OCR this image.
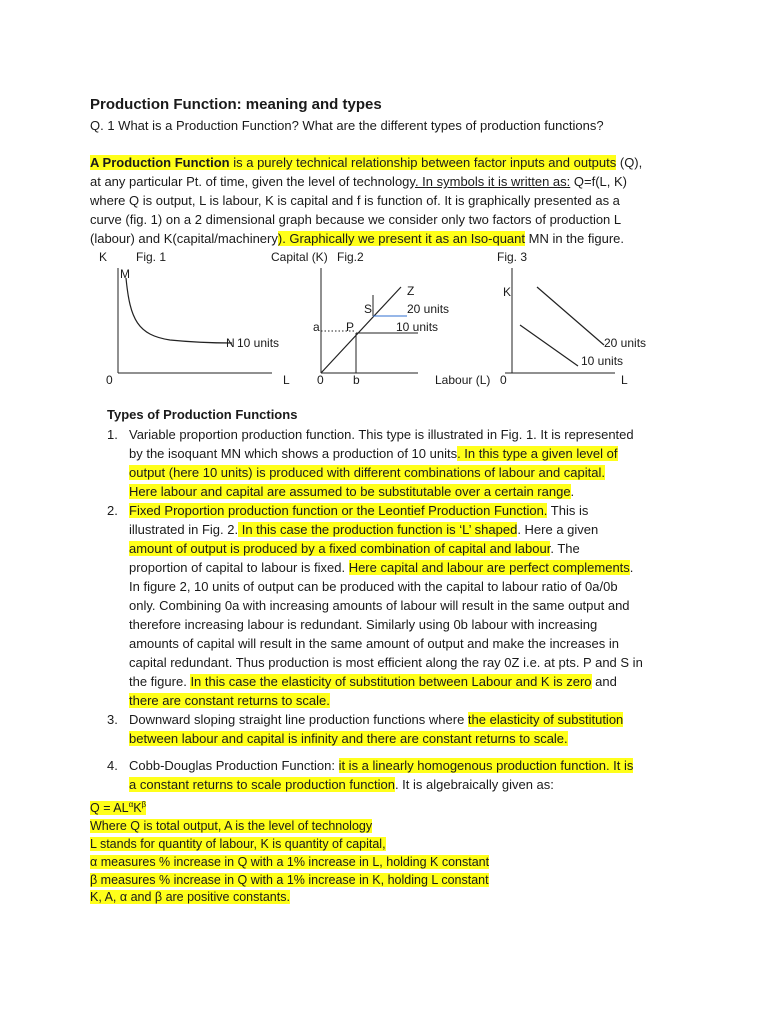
Production Function: meaning and types
Q. 1 What is a Production Function? What are the different types of production functions?
A Production Function is a purely technical relationship between factor inputs and outputs (Q),
at any particular Pt. of time, given the level of technology. In symbols it is written as: Q=f(L, K)
where Q is output, L is labour, K is capital and f is function of. It is graphically presented as a
curve (fig. 1) on a 2 dimensional graph because we consider only two factors of production L
(labour) and K(capital/machinery). Graphically we present it as an Iso-quant MN in the figure.
K Fig. 1
M
N 10 units
0	L
Capital (K) Fig.2
Z
S	20 units
a P	10 units
0 b	Labour (L)
Fig. 3
K
20 units
10 units
0	L
Types of Production Functions
1. Variable proportion production function. This type is illustrated in Fig. 1. It is represented
by the isoquant MN which shows a production of 10 units. In this type a given level of
output (here 10 units) is produced with different combinations of labour and capital.
Here labour and capital are assumed to be substitutable over a certain range.
2. Fixed Proportion production function or the Leontief Production Function. This is
illustrated in Fig. 2. In this case the production function is ‘L’ shaped. Here a given
amount of output is produced by a fixed combination of capital and labour. The
proportion of capital to labour is fixed. Here capital and labour are perfect complements.
In figure 2, 10 units of output can be produced with the capital to labour ratio of 0a/0b
only. Combining 0a with increasing amounts of labour will result in the same output and
therefore increasing labour is redundant. Similarly using 0b labour with increasing
amounts of capital will result in the same amount of output and make the increases in
capital redundant. Thus production is most efficient along the ray 0Z i.e. at pts. P and S in
the figure. In this case the elasticity of substitution between Labour and K is zero and
there are constant returns to scale.
3. Downward sloping straight line production functions where the elasticity of substitution
between labour and capital is infinity and there are constant returns to scale.
4. Cobb-Douglas Production Function: it is a linearly homogenous production function. It is
a constant returns to scale production function. It is algebraically given as:
$Q = AL^\alpha K^\beta$
Where Q is total output, A is the level of technology
L stands for quantity of labour, K is quantity of capital,
α measures % increase in Q with a 1% increase in L, holding K constant
β measures % increase in Q with a 1% increase in K, holding L constant
K, A, α and β are positive constants.
